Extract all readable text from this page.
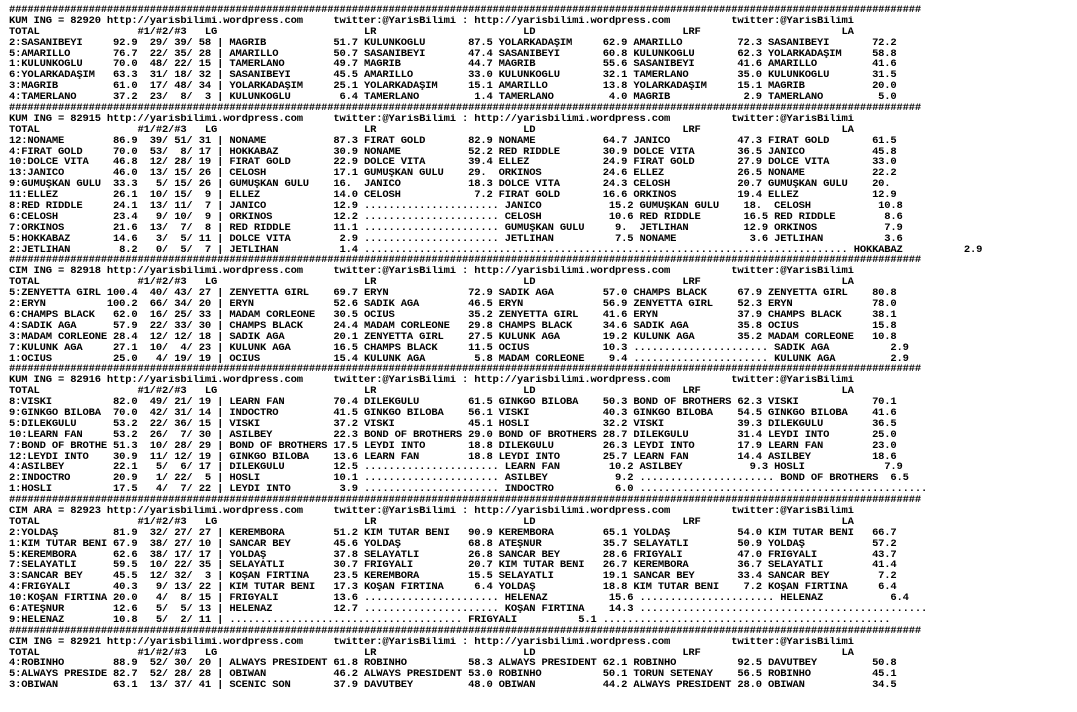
#####################################################################################################################################################
KUM ING = 82920 http://yarisbilimi.wordpress.com     twitter:@YarisBilimi : http://yarisbilimi.wordpress.com          twitter:@YarisBilimi
TOTAL                #1/#2/#3   LG                        LR                        LD                        LRF                       LA
2:SASANİBEYİ     92.9  29/ 39/ 58 | MAGRİB           51.7 KÜLÜNKOĞLU       87.5 YOLARKADAŞIM     62.9 AMARILLO         72.3 SASANİBEYİ       72.2
5:AMARILLO       76.7  22/ 35/ 28 | AMARILLO         50.7 SASANİBEYİ       47.4 SASANİBEYİ       60.8 KÜLÜNKOĞLU       62.3 YOLARKADAŞIM     58.8
1:KÜLÜNKOĞLU     70.0  48/ 22/ 15 | TAMERLANO        49.7 MAGRİB           44.7 MAGRİB           55.6 SASANİBEYİ       41.6 AMARILLO         41.6
6:YOLARKADAŞIM   63.3  31/ 18/ 32 | SASANİBEYİ       45.5 AMARILLO         33.0 KÜLÜNKOĞLU       32.1 TAMERLANO        35.0 KÜLÜNKOĞLU       31.5
3:MAGRİB         61.0  17/ 48/ 34 | YOLARKADAŞIM     25.1 YOLARKADAŞIM     15.1 AMARILLO         13.8 YOLARKADAŞIM     15.1 MAGRİB           20.0
4:TAMERLANO      37.2  23/  8/  3 | KÜLÜNKOĞLU        6.4 TAMERLANO         1.4 TAMERLANO         4.0 MAGRİB            2.9 TAMERLANO         5.0
#####################################################################################################################################################
KUM ING = 82915 http://yarisbilimi.wordpress.com     twitter:@YarisBilimi : http://yarisbilimi.wordpress.com          twitter:@YarisBilimi
TOTAL                #1/#2/#3   LG                        LR                        LD                        LRF                       LA
12:NONAME        86.9  39/ 51/ 31 | NONAME           87.3 FIRAT GOLD       82.9 NONAME           64.7 JANİCO           47.3 FIRAT GOLD       61.5
4:FIRAT GOLD     70.0  53/  8/ 17 | HOKKABAZ         30.9 NONAME           52.2 RED RIDDLE       30.9 DOLCE VITA       36.5 JANİCO           45.8
10:DOLCE VITA    46.8  12/ 28/ 19 | FIRAT GOLD       22.9 DOLCE VITA       39.4 ELLEZ            24.9 FIRAT GOLD       27.9 DOLCE VITA       33.0
13:JANİCO        46.0  13/ 15/ 26 | CELOSH           17.1 GÜMÜŞKAN GÜLÜ    29.  ORKİNOS          24.6 ELLEZ            26.5 NONAME           22.2
9:GÜMÜŞKAN GÜLÜ  33.3   5/ 15/ 26 | GÜMÜŞKAN GÜLÜ    16.  JANİCO           18.3 DOLCE VITA       24.3 CELOSH           20.7 GÜMÜŞKAN GÜLÜ    20.
11:ELLEZ         26.1  10/ 15/  9 | ELLEZ            14.0 CELOSH            7.2 FIRAT GOLD       16.6 ORKİNOS          19.4 ELLEZ            12.9
8:RED RIDDLE     24.1  13/ 11/  7 | JANİCO           12.9 ...................... JANİCO           15.2 GÜMÜŞKAN GÜLÜ    18.  CELOSH           10.8
6:CELOSH         23.4   9/ 10/  9 | ORKİNOS          12.2 ...................... CELOSH           10.6 RED RIDDLE       16.5 RED RIDDLE        8.6
7:ORKİNOS        21.6  13/  7/  8 | RED RIDDLE       11.1 ...................... GÜMÜŞKAN GÜLÜ     9.  JETLİHAN         12.9 ORKİNOS           7.9
5:HOKKABAZ       14.6   3/  5/ 11 | DOLCE VITA        2.9 ...................... JETLİHAN          7.5 NONAME            3.6 JETLİHAN          3.6
2:JETLİHAN        8.2   0/  5/  7 | JETLİHAN          1.4 ............................................................................... HOKKABAZ          2.9
#####################################################################################################################################################
CIM ING = 82918 http://yarisbilimi.wordpress.com     twitter:@YarisBilimi : http://yarisbilimi.wordpress.com          twitter:@YarisBilimi
TOTAL                #1/#2/#3   LG                        LR                        LD                        LRF                       LA
5:ZENYETTA GIRL 100.4  40/ 43/ 27 | ZENYETTA GIRL    69.7 ERYN             72.9 SADIK AĞA        57.0 CHAMPS BLACK     67.9 ZENYETTA GIRL    80.8
2:ERYN          100.2  66/ 34/ 20 | ERYN             52.6 SADIK AĞA        46.5 ERYN             56.9 ZENYETTA GIRL    52.3 ERYN             78.0
6:CHAMPS BLACK   62.0  16/ 25/ 33 | MADAM CORLEONE   30.5 OCIUS            35.2 ZENYETTA GIRL    41.6 ERYN             37.9 CHAMPS BLACK     38.1
4:SADIK AĞA      57.9  22/ 33/ 30 | CHAMPS BLACK     24.4 MADAM CORLEONE   29.8 CHAMPS BLACK     34.6 SADIK AĞA        35.8 OCIUS            15.8
3:MADAM CORLEONE 28.4  12/ 12/ 18 | SADIK AĞA        20.1 ZENYETTA GIRL    27.5 KÜLÜNK AĞA       19.2 KÜLÜNK AĞA       35.2 MADAM CORLEONE   10.8
7:KÜLÜNK AĞA     27.1  10/  4/ 23 | KÜLÜNK AĞA       16.5 CHAMPS BLACK     11.5 OCIUS            10.3 ...................... SADIK AĞA          2.9
1:OCIUS          25.0   4/ 19/ 19 | OCIUS            15.4 KÜLÜNK AĞA        5.8 MADAM CORLEONE    9.4 ...................... KÜLÜNK AĞA         2.9
#####################################################################################################################################################
KUM ING = 82916 http://yarisbilimi.wordpress.com     twitter:@YarisBilimi : http://yarisbilimi.wordpress.com          twitter:@YarisBilimi
TOTAL                #1/#2/#3   LG                        LR                        LD                        LRF                       LA
8:VİSKİ          82.0  49/ 21/ 19 | LEARN FAN        70.4 DİLEKGÜLÜ        61.5 GINKGO BILOBA    50.3 BOND OF BROTHERS 62.3 VİSKİ            70.1
9:GINKGO BILOBA  70.0  42/ 31/ 14 | INDOCTRO         41.5 GINKGO BILOBA    56.1 VİSKİ            40.3 GINKGO BILOBA    54.5 GINKGO BILOBA    41.6
5:DİLEKGÜLÜ      53.2  22/ 36/ 15 | VİSKİ            37.2 VİSKİ            45.1 HOSLİ            32.2 VİSKİ            39.3 DİLEKGÜLÜ        36.5
10:LEARN FAN     53.2  26/  7/ 30 | ASILBEY          22.3 BOND OF BROTHERS 29.0 BOND OF BROTHERS 28.7 DİLEKGÜLÜ        31.4 LEYDİ İNTO       25.0
7:BOND OF BROTHE 51.3  10/ 28/ 29 | BOND OF BROTHERS 17.5 LEYDİ İNTO       18.8 DİLEKGÜLÜ        26.3 LEYDİ İNTO       17.9 LEARN FAN        23.0
12:LEYDİ İNTO    30.9  11/ 12/ 19 | GINKGO BILOBA    13.6 LEARN FAN        18.8 LEYDİ İNTO       25.7 LEARN FAN        14.4 ASILBEY          18.6
4:ASILBEY        22.1   5/  6/ 17 | DİLEKGÜLÜ        12.5 ...................... LEARN FAN        10.2 ASILBEY           9.3 HOSLİ             7.9
2:INDOCTRO       20.9   1/ 22/  5 | HOSLİ            10.1 ...................... ASILBEY           9.2 ...................... BOND OF BROTHERS  6.5
1:HOSLİ          17.5   4/  7/ 22 | LEYDİ İNTO        3.9 ...................... INDOCTRO          6.0 ...............................................
#####################################################################################################################################################
CIM ARA = 82923 http://yarisbilimi.wordpress.com     twitter:@YarisBilimi : http://yarisbilimi.wordpress.com          twitter:@YarisBilimi
TOTAL                #1/#2/#3   LG                        LR                        LD                        LRF                       LA
2:YOLDAŞ         81.9  32/ 27/ 27 | KEREMBORA        51.2 KİM TUTAR BENİ   90.9 KEREMBORA        65.1 YOLDAŞ           54.0 KİM TUTAR BENİ   66.7
1:KİM TUTAR BENİ 67.9  38/ 27/ 10 | SANCAR BEY       45.6 YOLDAŞ           68.8 ATEŞNUR          35.7 SELAYATLI        50.9 YOLDAŞ           57.2
5:KEREMBORA      62.6  38/ 17/ 17 | YOLDAŞ           37.8 SELAYATLI        26.8 SANCAR BEY       28.6 FRİGYALI         47.0 FRİGYALI         43.7
7:SELAYATLI      59.5  10/ 22/ 35 | SELAYATLI        30.7 FRİGYALI         20.7 KİM TUTAR BENİ   26.7 KEREMBORA        36.7 SELAYATLI        41.4
3:SANCAR BEY     45.5  12/ 32/  3 | KOŞAN FIRTINA    23.5 KEREMBORA        15.5 SELAYATLI        19.1 SANCAR BEY       33.4 SANCAR BEY        7.2
4:FRİGYALI       40.3   9/ 13/ 22 | KİM TUTAR BENİ   17.3 KOŞAN FIRTINA     6.4 YOLDAŞ           18.8 KİM TUTAR BENİ    7.2 KOŞAN FIRTINA     6.4
10:KOŞAN FIRTINA 20.0   4/  8/ 15 | FRİGYALI         13.6 ...................... HELENAZ          15.6 ...................... HELENAZ           6.4
6:ATEŞNUR        12.6   5/  5/ 13 | HELENAZ          12.7 ...................... KOŞAN FIRTINA    14.3 ...............................................
9:HELENAZ        10.8   5/  2/ 11 | ...................................... FRİGYALI          5.1 ...............................................
#####################################################################################################################################################
CIM ING = 82921 http://yarisbilimi.wordpress.com     twitter:@YarisBilimi : http://yarisbilimi.wordpress.com          twitter:@YarisBilimi
TOTAL                #1/#2/#3   LG                        LR                        LD                        LRF                       LA
4:ROBINHO        88.9  52/ 30/ 20 | ALWAYS PRESIDENT 61.8 ROBINHO          58.3 ALWAYS PRESIDENT 62.1 ROBINHO          92.5 DAVUTBEY         50.8
5:ALWAYS PRESIDE 82.7  52/ 28/ 28 | OBIWAN           46.2 ALWAYS PRESIDENT 53.0 ROBINHO          50.1 TORUN SETENAY    56.5 ROBINHO          45.1
3:OBIWAN         63.1  13/ 37/ 41 | SCENIC SON       37.9 DAVUTBEY         48.0 OBIWAN           44.2 ALWAYS PRESIDENT 28.0 OBIWAN           34.5
